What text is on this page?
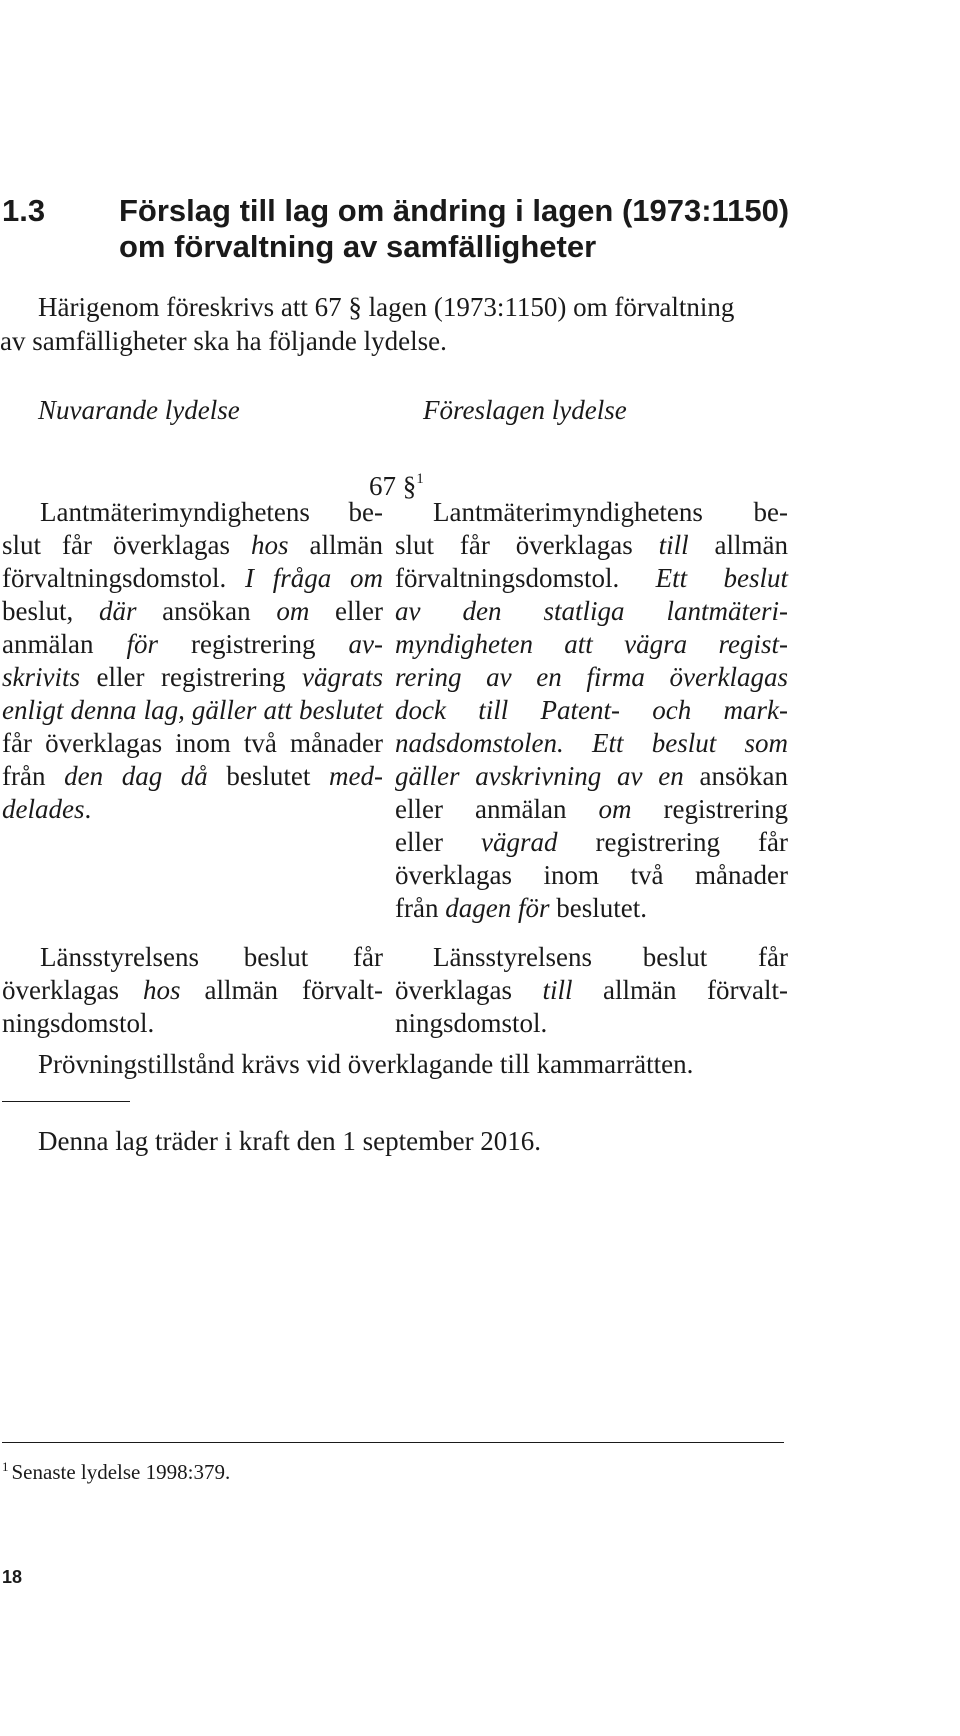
1.3 Förslag till lag om ändring i lagen (1973:1150)
om förvaltning av samfälligheter
Härigenom föreskrivs att 67 § lagen (1973:1150) om förvaltning
av samfälligheter ska ha följande lydelse.
Nuvarande lydelse	Föreslagen lydelse
67 §$^1$
Lantmäterimyndighetens be-
slut får överklagas hos allmän
förvaltningsdomstol. I fråga om
beslut, där ansökan om eller
anmälan för registrering av-
skrivits eller registrering vägrats
enligt denna lag, gäller att beslutet
får överklagas inom två månader
från den dag då beslutet med-
delades.
Länsstyrelsens beslut får
överklagas hos allmän förvalt-
ningsdomstol.
Lantmäterimyndighetens be-
slut får överklagas till allmän
förvaltningsdomstol. Ett beslut
av den statliga lantmäteri-
myndigheten att vägra regist-
rering av en firma överklagas
dock till Patent- och mark-
nadsdomstolen. Ett beslut som
gäller avskrivning av en ansökan
eller anmälan om registrering
eller vägrad registrering får
överklagas inom två månader
från dagen för beslutet.
Länsstyrelsens beslut får
överklagas till allmän förvalt-
ningsdomstol.
Prövningstillstånd krävs vid överklagande till kammarrätten.
Denna lag träder i kraft den 1 september 2016.
$^1$ Senaste lydelse 1998:379.
18
